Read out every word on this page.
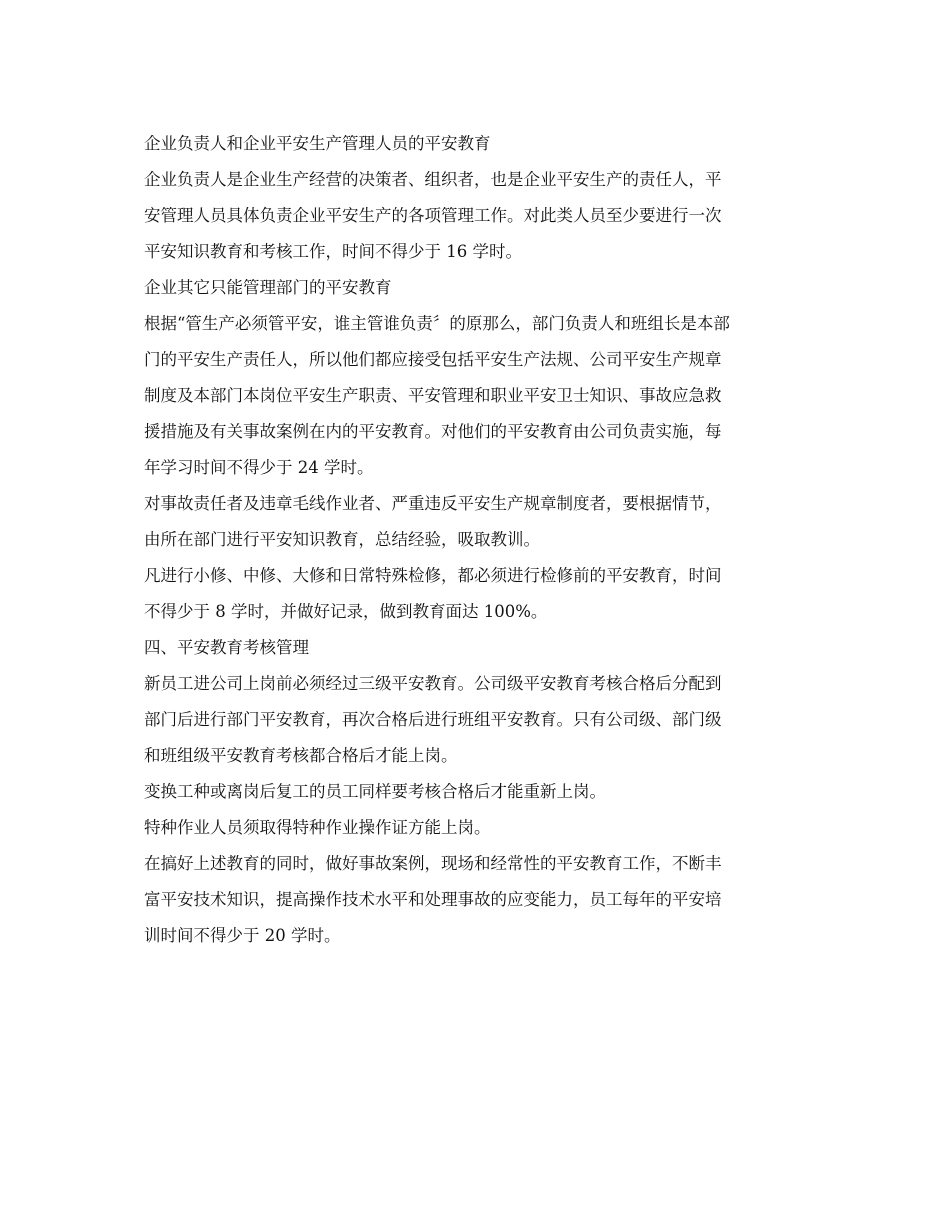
企业负责人和企业平安生产管理人员的平安教育
企业负责人是企业生产经营的决策者、组织者，也是企业平安生产的责任人，平
安管理人员具体负责企业平安生产的各项管理工作。对此类人员至少要进行一次
平安知识教育和考核工作，时间不得少于 16 学时。
企业其它只能管理部门的平安教育
根据“管生产必须管平安，谁主管谁负责〞的原那么，部门负责人和班组长是本部
门的平安生产责任人，所以他们都应接受包括平安生产法规、公司平安生产规章
制度及本部门本岗位平安生产职责、平安管理和职业平安卫士知识、事故应急救
援措施及有关事故案例在内的平安教育。对他们的平安教育由公司负责实施，每
年学习时间不得少于 24 学时。
对事故责任者及违章毛线作业者、严重违反平安生产规章制度者，要根据情节，
由所在部门进行平安知识教育，总结经验，吸取教训。
凡进行小修、中修、大修和日常特殊检修，都必须进行检修前的平安教育，时间
不得少于 8 学时，并做好记录，做到教育面达 100%。
四、平安教育考核管理
新员工进公司上岗前必须经过三级平安教育。公司级平安教育考核合格后分配到
部门后进行部门平安教育，再次合格后进行班组平安教育。只有公司级、部门级
和班组级平安教育考核都合格后才能上岗。
变换工种或离岗后复工的员工同样要考核合格后才能重新上岗。
特种作业人员须取得特种作业操作证方能上岗。
在搞好上述教育的同时，做好事故案例，现场和经常性的平安教育工作，不断丰
富平安技术知识，提高操作技术水平和处理事故的应变能力，员工每年的平安培
训时间不得少于 20 学时。
